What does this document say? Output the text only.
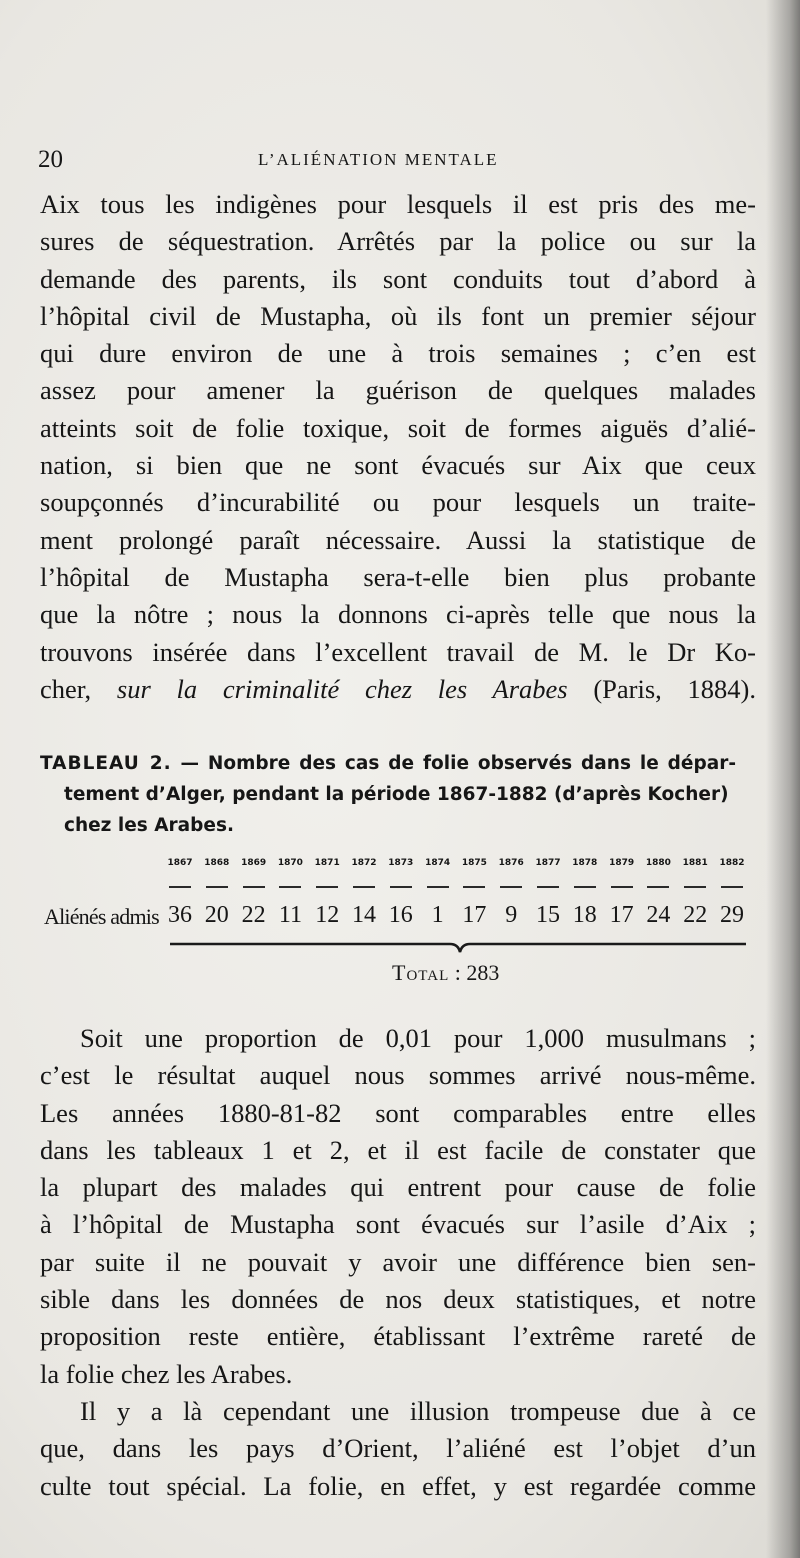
20	L’ALIÉNATION MENTALE
Aix tous les indigènes pour lesquels il est pris des me-
sures de séquestration. Arrêtés par la police ou sur la
demande des parents, ils sont conduits tout d’abord à
l’hôpital civil de Mustapha, où ils font un premier séjour
qui dure environ de une à trois semaines ; c’en est
assez pour amener la guérison de quelques malades
atteints soit de folie toxique, soit de formes aiguës d’alié-
nation, si bien que ne sont évacués sur Aix que ceux
soupçonnés d’incurabilité ou pour lesquels un traite-
ment prolongé paraît nécessaire. Aussi la statistique de
l’hôpital de Mustapha sera-t-elle bien plus probante
que la nôtre ; nous la donnons ci-après telle que nous la
trouvons insérée dans l’excellent travail de M. le Dr Ko-
cher, sur la criminalité chez les Arabes (Paris, 1884).
TABLEAU 2. — Nombre des cas de folie observés dans le dépar-
tement d’Alger, pendant la période 1867-1882 (d’après Kocher)
chez les Arabes.
1867	1868	1869	1870	1871	1872	1873	1874	1875	1876	1877	1878	1879	1880	1881	1882
Aliénés admis 36 20 22 11 12 14 16 1 17 9 15 18 17 24 22 29
Total : 283
Soit une proportion de 0,01 pour 1,000 musulmans ;
c’est le résultat auquel nous sommes arrivé nous-même.
Les années 1880-81-82 sont comparables entre elles
dans les tableaux 1 et 2, et il est facile de constater que
la plupart des malades qui entrent pour cause de folie
à l’hôpital de Mustapha sont évacués sur l’asile d’Aix ;
par suite il ne pouvait y avoir une différence bien sen-
sible dans les données de nos deux statistiques, et notre
proposition reste entière, établissant l’extrême rareté de
la folie chez les Arabes.
Il y a là cependant une illusion trompeuse due à ce
que, dans les pays d’Orient, l’aliéné est l’objet d’un
culte tout spécial. La folie, en effet, y est regardée comme
